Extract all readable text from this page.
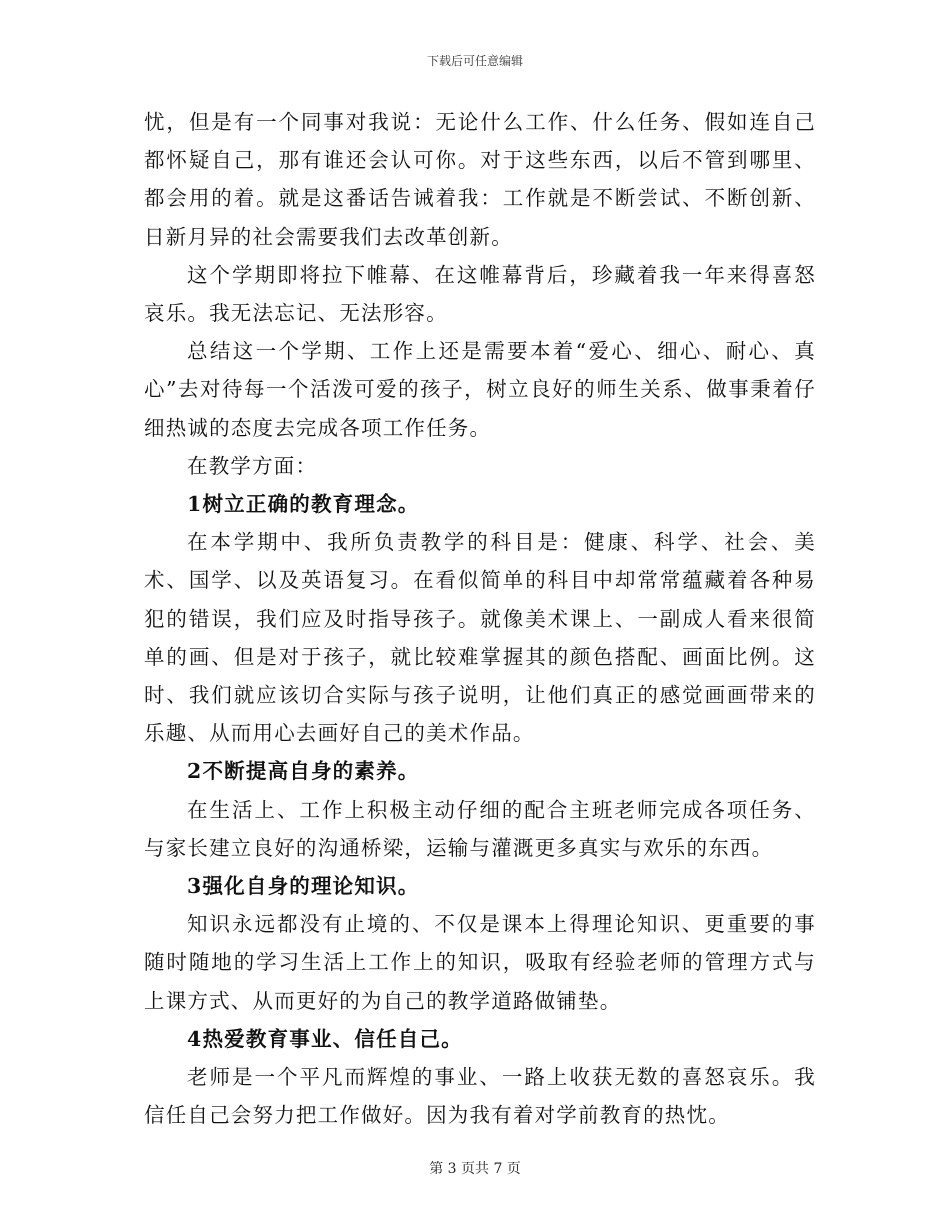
下载后可任意编辑

忧，但是有一个同事对我说：无论什么工作、什么任务、假如连自己都怀疑自己，那有谁还会认可你。对于这些东西，以后不管到哪里、都会用的着。就是这番话告诫着我：工作就是不断尝试、不断创新、日新月异的社会需要我们去改革创新。

这个学期即将拉下帷幕、在这帷幕背后，珍藏着我一年来得喜怒哀乐。我无法忘记、无法形容。

总结这一个学期、工作上还是需要本着“爱心、细心、耐心、真心”去对待每一个活泼可爱的孩子，树立良好的师生关系、做事秉着仔细热诚的态度去完成各项工作任务。

在教学方面：

1树立正确的教育理念。

在本学期中、我所负责教学的科目是：健康、科学、社会、美术、国学、以及英语复习。在看似简单的科目中却常常蕴藏着各种易犯的错误，我们应及时指导孩子。就像美术课上、一副成人看来很简单的画、但是对于孩子，就比较难掌握其的颜色搭配、画面比例。这时、我们就应该切合实际与孩子说明，让他们真正的感觉画画带来的乐趣、从而用心去画好自己的美术作品。

2不断提高自身的素养。

在生活上、工作上积极主动仔细的配合主班老师完成各项任务、与家长建立良好的沟通桥梁，运输与灌溉更多真实与欢乐的东西。

3强化自身的理论知识。

知识永远都没有止境的、不仅是课本上得理论知识、更重要的事随时随地的学习生活上工作上的知识，吸取有经验老师的管理方式与上课方式、从而更好的为自己的教学道路做铺垫。

4热爱教育事业、信任自己。

老师是一个平凡而辉煌的事业、一路上收获无数的喜怒哀乐。我信任自己会努力把工作做好。因为我有着对学前教育的热忱。

第 3 页共 7 页
